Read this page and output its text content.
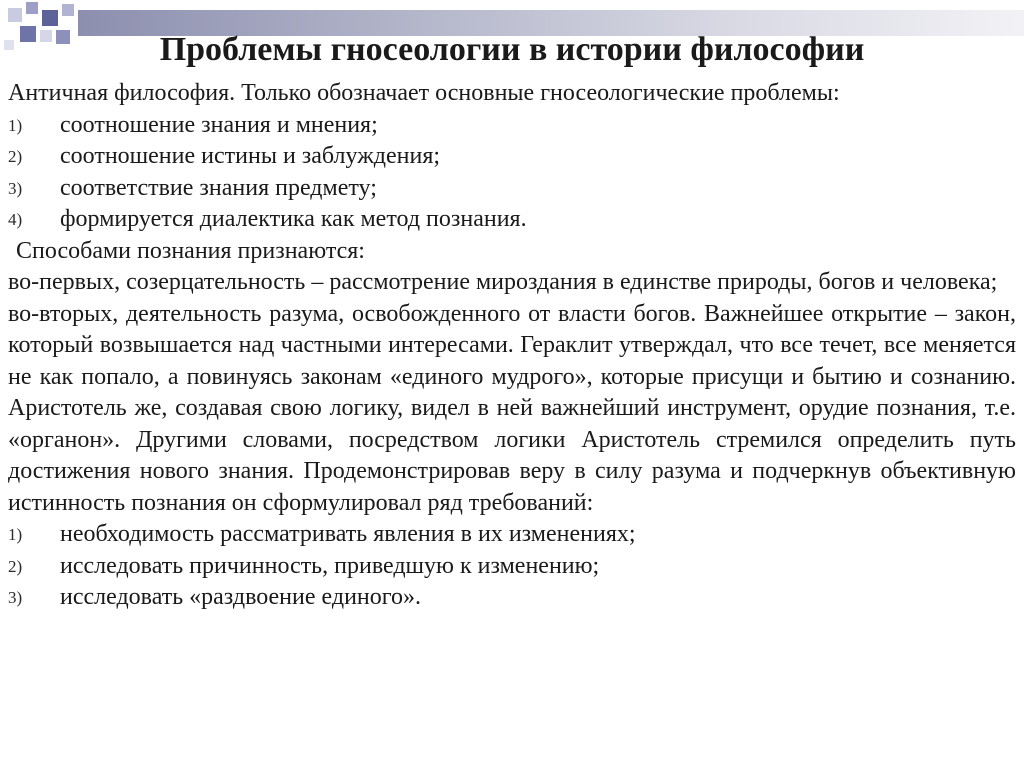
Проблемы гносеологии в истории философии

Античная философия. Только обозначает основные гносеологические проблемы:

1) соотношение знания и мнения;
2) соотношение истины и заблуждения;
3) соответствие знания предмету;
4) формируется диалектика как метод познания.

Способами познания признаются:

во-первых, созерцательность – рассмотрение мироздания в единстве природы, богов и человека;

во-вторых, деятельность разума, освобожденного от власти богов. Важнейшее открытие – закон, который возвышается над частными интересами. Гераклит утверждал, что все течет, все меняется не как попало, а повинуясь законам «единого мудрого», которые присущи и бытию и сознанию. Аристотель же, создавая свою логику, видел в ней важнейший инструмент, орудие познания, т.е. «органон». Другими словами, посредством логики Аристотель стремился определить путь достижения нового знания. Продемонстрировав веру в силу разума и подчеркнув объективную истинность познания он сформулировал ряд требований:

1) необходимость рассматривать явления в их изменениях;
2) исследовать причинность, приведшую к изменению;
3) исследовать «раздвоение единого».
